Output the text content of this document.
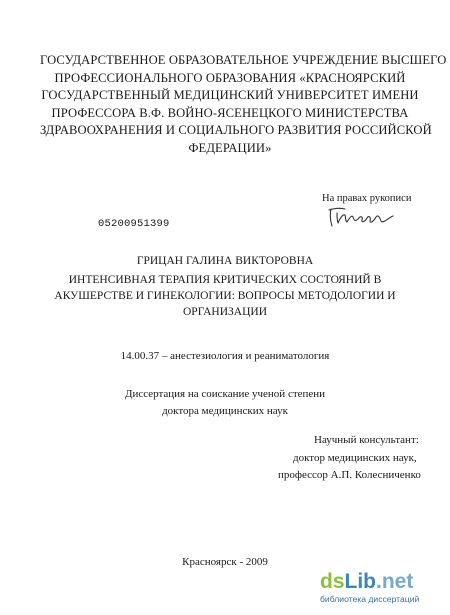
ГОСУДАРСТВЕННОЕ ОБРАЗОВАТЕЛЬНОЕ УЧРЕЖДЕНИЕ ВЫСШЕГО
ПРОФЕССИОНАЛЬНОГО ОБРАЗОВАНИЯ «КРАСНОЯРСКИЙ
ГОСУДАРСТВЕННЫЙ МЕДИЦИНСКИЙ УНИВЕРСИТЕТ ИМЕНИ
ПРОФЕССОРА В.Ф. ВОЙНО-ЯСЕНЕЦКОГО МИНИСТЕРСТВА
ЗДРАВООХРАНЕНИЯ И СОЦИАЛЬНОГО РАЗВИТИЯ РОССИЙСКОЙ
ФЕДЕРАЦИИ»
На правах рукописи
05200951399
ГРИЦАН ГАЛИНА ВИКТОРОВНА
ИНТЕНСИВНАЯ ТЕРАПИЯ КРИТИЧЕСКИХ СОСТОЯНИЙ В
АКУШЕРСТВЕ И ГИНЕКОЛОГИИ: ВОПРОСЫ МЕТОДОЛОГИИ И
ОРГАНИЗАЦИИ
14.00.37 – анестезиология и реаниматология
Диссертация на соискание ученой степени
доктора медицинских наук
Научный консультант:
доктор медицинских наук,
профессор А.П. Колесниченко
Красноярск - 2009
ds Lib .net
библиотека диссертаций
